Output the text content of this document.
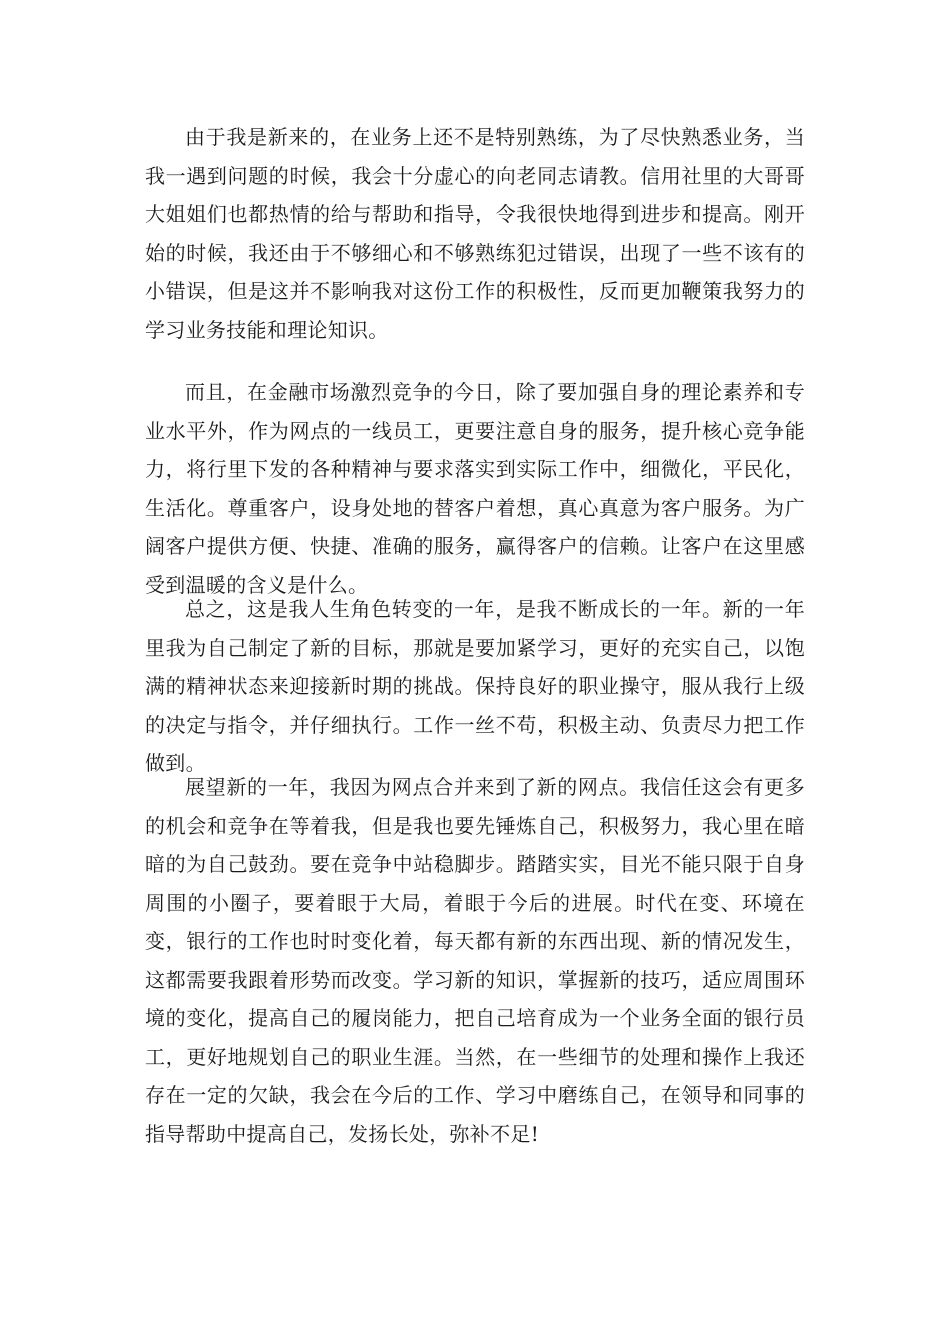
由于我是新来的，在业务上还不是特别熟练，为了尽快熟悉业务，当我一遇到问题的时候，我会十分虚心的向老同志请教。信用社里的大哥哥大姐姐们也都热情的给与帮助和指导，令我很快地得到进步和提高。刚开始的时候，我还由于不够细心和不够熟练犯过错误，出现了一些不该有的小错误，但是这并不影响我对这份工作的积极性，反而更加鞭策我努力的学习业务技能和理论知识。

而且，在金融市场激烈竞争的今日，除了要加强自身的理论素养和专业水平外，作为网点的一线员工，更要注意自身的服务，提升核心竞争能力，将行里下发的各种精神与要求落实到实际工作中，细微化，平民化，生活化。尊重客户，设身处地的替客户着想，真心真意为客户服务。为广阔客户提供方便、快捷、准确的服务，赢得客户的信赖。让客户在这里感受到温暖的含义是什么。

总之，这是我人生角色转变的一年，是我不断成长的一年。新的一年里我为自己制定了新的目标，那就是要加紧学习，更好的充实自己，以饱满的精神状态来迎接新时期的挑战。保持良好的职业操守，服从我行上级的决定与指令，并仔细执行。工作一丝不苟，积极主动、负责尽力把工作做到。

展望新的一年，我因为网点合并来到了新的网点。我信任这会有更多的机会和竞争在等着我，但是我也要先锤炼自己，积极努力，我心里在暗暗的为自己鼓劲。要在竞争中站稳脚步。踏踏实实，目光不能只限于自身周围的小圈子，要着眼于大局，着眼于今后的进展。时代在变、环境在变，银行的工作也时时变化着，每天都有新的东西出现、新的情况发生，这都需要我跟着形势而改变。学习新的知识，掌握新的技巧，适应周围环境的变化，提高自己的履岗能力，把自己培育成为一个业务全面的银行员工，更好地规划自己的职业生涯。当然，在一些细节的处理和操作上我还存在一定的欠缺，我会在今后的工作、学习中磨练自己，在领导和同事的指导帮助中提高自己，发扬长处，弥补不足!
